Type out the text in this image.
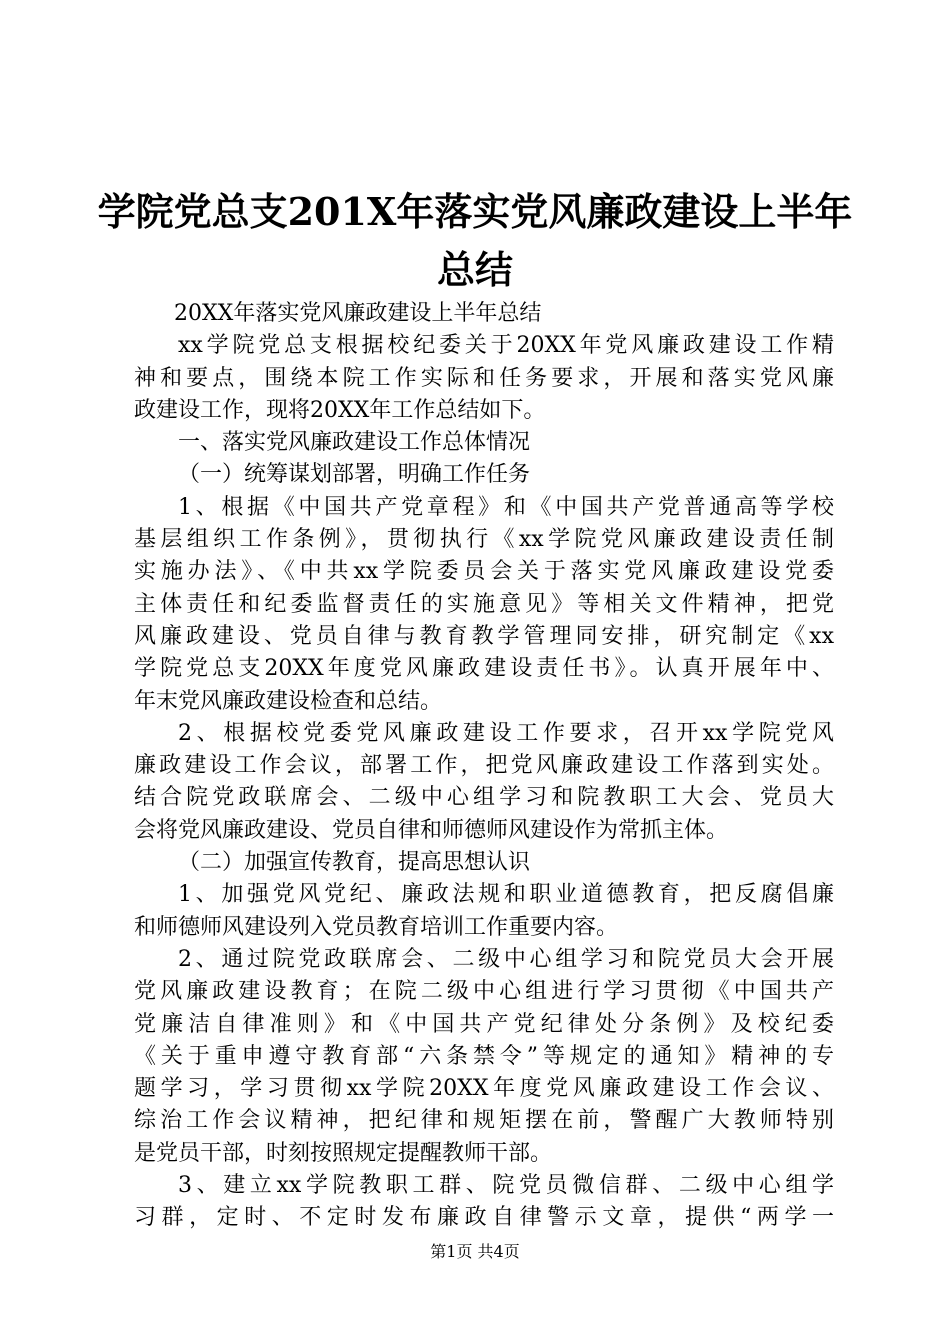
学院党总支201X年落实党风廉政建设上半年
总结
20XX年落实党风廉政建设上半年总结
xx学院党总支根据校纪委关于20XX年党风廉政建设工作精
神和要点，围绕本院工作实际和任务要求，开展和落实党风廉
政建设工作，现将20XX年工作总结如下。
一、落实党风廉政建设工作总体情况
（一）统筹谋划部署，明确工作任务
1、根据《中国共产党章程》和《中国共产党普通高等学校
基层组织工作条例》，贯彻执行《xx学院党风廉政建设责任制
实施办法》、《中共xx学院委员会关于落实党风廉政建设党委
主体责任和纪委监督责任的实施意见》等相关文件精神，把党
风廉政建设、党员自律与教育教学管理同安排，研究制定《xx
学院党总支20XX年度党风廉政建设责任书》。认真开展年中、
年末党风廉政建设检查和总结。
2、根据校党委党风廉政建设工作要求，召开xx学院党风
廉政建设工作会议，部署工作，把党风廉政建设工作落到实处。
结合院党政联席会、二级中心组学习和院教职工大会、党员大
会将党风廉政建设、党员自律和师德师风建设作为常抓主体。
（二）加强宣传教育，提高思想认识
1、加强党风党纪、廉政法规和职业道德教育，把反腐倡廉
和师德师风建设列入党员教育培训工作重要内容。
2、通过院党政联席会、二级中心组学习和院党员大会开展
党风廉政建设教育；在院二级中心组进行学习贯彻《中国共产
党廉洁自律准则》和《中国共产党纪律处分条例》及校纪委
《关于重申遵守教育部“六条禁令”等规定的通知》精神的专
题学习，学习贯彻xx学院20XX年度党风廉政建设工作会议、
综治工作会议精神，把纪律和规矩摆在前，警醒广大教师特别
是党员干部，时刻按照规定提醒教师干部。
3、建立xx学院教职工群、院党员微信群、二级中心组学
习群，定时、不定时发布廉政自律警示文章，提供“两学一
第1页 共4页
